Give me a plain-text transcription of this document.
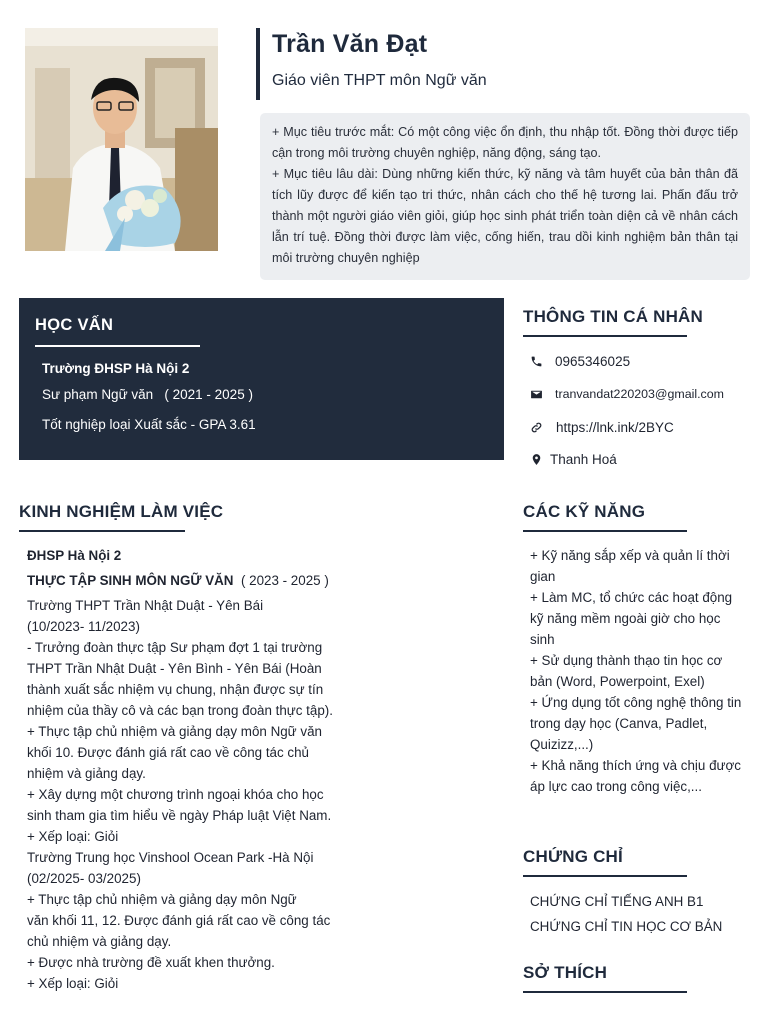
Trần Văn Đạt
Giáo viên THPT môn Ngữ văn

+ Mục tiêu trước mắt: Có một công việc ổn định, thu nhập tốt. Đồng thời được tiếp cận trong môi trường chuyên nghiệp, năng động, sáng tạo.

+ Mục tiêu lâu dài: Dùng những kiến thức, kỹ năng và tâm huyết của bản thân đã tích lũy được để kiến tạo tri thức, nhân cách cho thế hệ tương lai. Phấn đấu trở thành một người giáo viên giỏi, giúp học sinh phát triển toàn diện cả về nhân cách lẫn trí tuệ. Đồng thời được làm việc, cống hiến, trau dồi kinh nghiệm bản thân tại môi trường chuyên nghiệp

HỌC VẤN
Trường ĐHSP Hà Nội 2
Sư phạm Ngữ văn ( 2021 - 2025 )
Tốt nghiệp loại Xuất sắc - GPA 3.61
THÔNG TIN CÁ NHÂN
0965346025
tranvandat220203@gmail.com
https://lnk.ink/2BYC
Thanh Hoá
KINH NGHIỆM LÀM VIỆC
ĐHSP Hà Nội 2
THỰC TẬP SINH MÔN NGỮ VĂN ( 2023 - 2025 )
Trường THPT Trần Nhật Duật - Yên Bái
(10/2023- 11/2023)
- Trưởng đoàn thực tập Sư phạm đợt 1 tại trường
THPT Trần Nhật Duật - Yên Bình - Yên Bái (Hoàn
thành xuất sắc nhiệm vụ chung, nhận được sự tín
nhiệm của thầy cô và các bạn trong đoàn thực tập).
+ Thực tập chủ nhiệm và giảng dạy môn Ngữ văn
khối 10. Được đánh giá rất cao về công tác chủ
nhiệm và giảng dạy.
+ Xây dựng một chương trình ngoại khóa cho học
sinh tham gia tìm hiểu về ngày Pháp luật Việt Nam.
+ Xếp loại: Giỏi
Trường Trung học Vinshool Ocean Park -Hà Nội
(02/2025- 03/2025)
+ Thực tập chủ nhiệm và giảng dạy môn Ngữ
văn khối 11, 12. Được đánh giá rất cao về công tác
chủ nhiệm và giảng dạy.
+ Được nhà trường đề xuất khen thưởng.
+ Xếp loại: Giỏi
CÁC KỸ NĂNG

+ Kỹ năng sắp xếp và quản lí thời gian

+ Làm MC, tổ chức các hoạt động kỹ năng mềm ngoài giờ cho học sinh

+ Sử dụng thành thạo tin học cơ bản (Word, Powerpoint, Exel)

+ Ứng dụng tốt công nghệ thông tin trong dạy học (Canva, Padlet, Quizizz,...)

+ Khả năng thích ứng và chịu được áp lực cao trong công việc,...

CHỨNG CHỈ
CHỨNG CHỈ TIẾNG ANH B1
CHỨNG CHỈ TIN HỌC CƠ BẢN
SỞ THÍCH
